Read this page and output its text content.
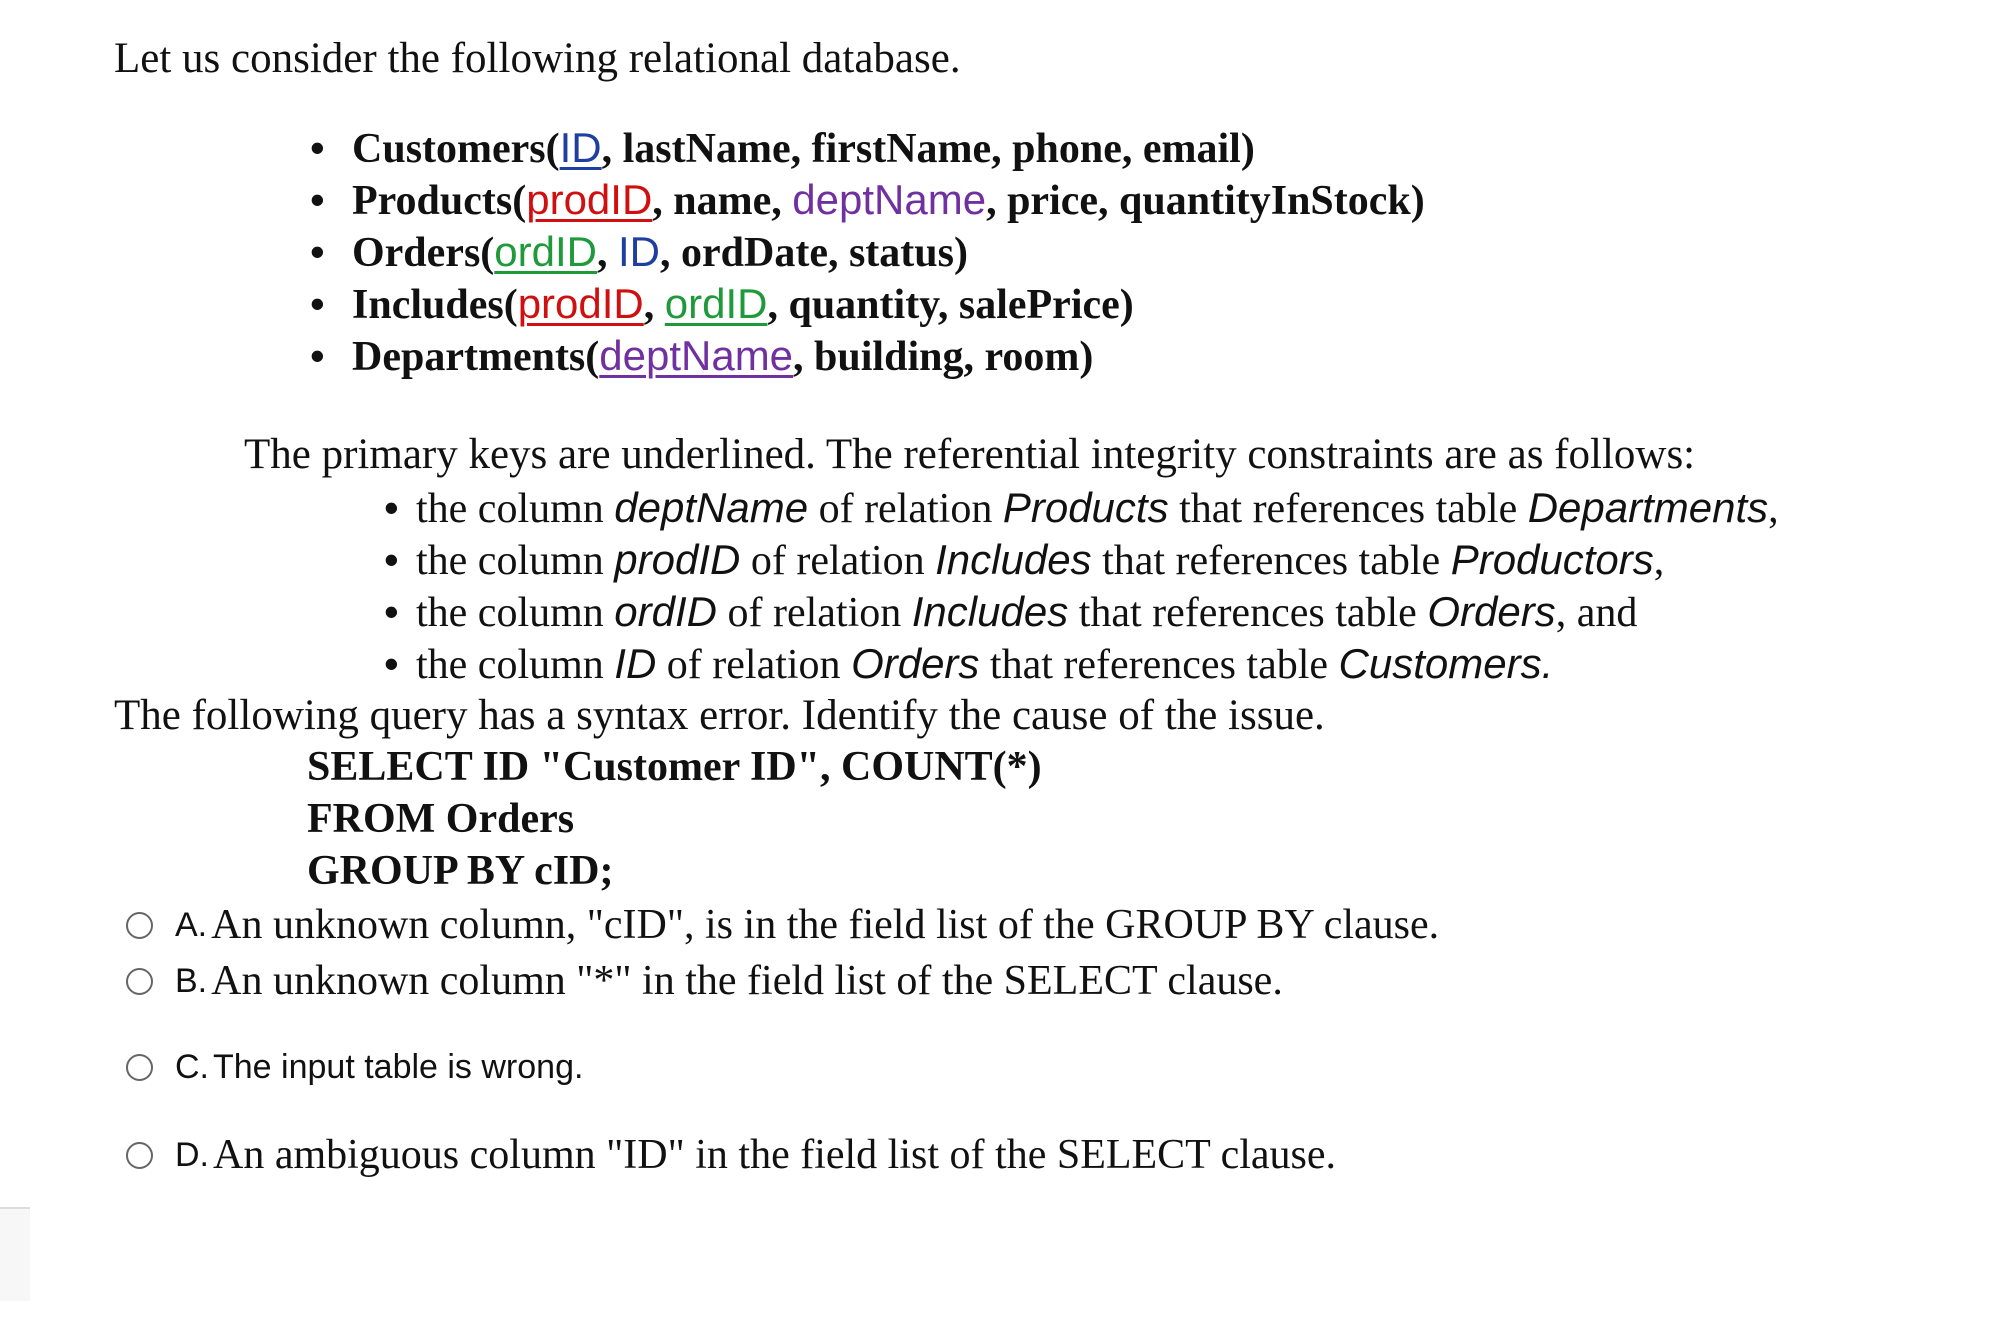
Let us consider the following relational database.
• Customers(ID, lastName, firstName, phone, email)
• Products(prodID, name, deptName, price, quantityInStock)
• Orders(ordID, ID, ordDate, status)
• Includes(prodID, ordID, quantity, salePrice)
• Departments(deptName, building, room)
The primary keys are underlined. The referential integrity constraints are as follows:
• the column deptName of relation Products that references table Departments,
• the column prodID of relation Includes that references table Productors,
• the column ordID of relation Includes that references table Orders, and
• the column ID of relation Orders that references table Customers.
The following query has a syntax error. Identify the cause of the issue.
SELECT ID "Customer ID", COUNT(*)
FROM Orders
GROUP BY cID;
A. An unknown column, "cID", is in the field list of the GROUP BY clause.
B. An unknown column "*" in the field list of the SELECT clause.
C. The input table is wrong.
D. An ambiguous column "ID" in the field list of the SELECT clause.
